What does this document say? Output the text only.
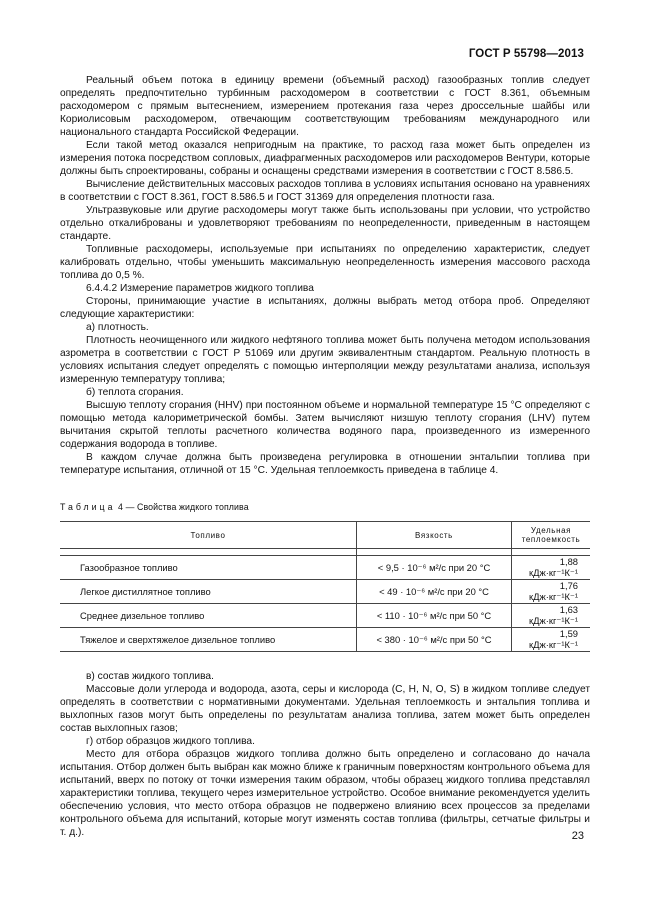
ГОСТ Р 55798—2013

Реальный объем потока в единицу времени (объемный расход) газообразных топлив следует определять предпочтительно турбинным расходомером в соответствии с ГОСТ 8.361, объемным расходомером с прямым вытеснением, измерением протекания газа через дроссельные шайбы или Кориолисовым расходомером, отвечающим соответствующим требованиям международного или национального стандарта Российской Федерации.

Если такой метод оказался непригодным на практике, то расход газа может быть определен из измерения потока посредством сопловых, диафрагменных расходомеров или расходомеров Вентури, которые должны быть спроектированы, собраны и оснащены средствами измерения в соответствии с ГОСТ 8.586.5.

Вычисление действительных массовых расходов топлива в условиях испытания основано на уравнениях в соответствии с ГОСТ 8.361, ГОСТ 8.586.5 и ГОСТ 31369 для определения плотности газа.

Ультразвуковые или другие расходомеры могут также быть использованы при условии, что устройство отдельно откалиброваны и удовлетворяют требованиям по неопределенности, приведенным в настоящем стандарте.

Топливные расходомеры, используемые при испытаниях по определению характеристик, следует калибровать отдельно, чтобы уменьшить максимальную неопределенность измерения массового расхода топлива до 0,5 %.

6.4.4.2 Измерение параметров жидкого топлива

Стороны, принимающие участие в испытаниях, должны выбрать метод отбора проб. Определяют следующие характеристики:

а) плотность.

Плотность неочищенного или жидкого нефтяного топлива может быть получена методом использования азрометра в соответствии с ГОСТ Р 51069 или другим эквивалентным стандартом. Реальную плотность в условиях испытания следует определять с помощью интерполяции между результатами анализа, используя измеренную температуру топлива;

б) теплота сгорания.

Высшую теплоту сгорания (HHV) при постоянном объеме и нормальной температуре 15 °С определяют с помощью метода калориметрической бомбы. Затем вычисляют низшую теплоту сгорания (LHV) путем вычитания скрытой теплоты расчетного количества водяного пара, произведенного из измеренного содержания водорода в топливе.

В каждом случае должна быть произведена регулировка в отношении энтальпии топлива при температуре испытания, отличной от 15 °С. Удельная теплоемкость приведена в таблице 4.

Таблица 4 — Свойства жидкого топлива
Топливо	Вязкость	Удельная теплоемкость

Газообразное топливо	< 9,5 · 10⁻⁶ м²/с при 20 °С	1,88 кДж·кг⁻¹К⁻¹
Легкое дистиллятное топливо	< 49 · 10⁻⁶ м²/с при 20 °С	1,76 кДж·кг⁻¹К⁻¹
Среднее дизельное топливо	< 110 · 10⁻⁶ м²/с при 50 °С	1,63 кДж·кг⁻¹К⁻¹
Тяжелое и сверхтяжелое дизельное топливо	< 380 · 10⁻⁶ м²/с при 50 °С	1,59 кДж·кг⁻¹К⁻¹

в) состав жидкого топлива.

Массовые доли углерода и водорода, азота, серы и кислорода (C, H, N, O, S) в жидком топливе следует определять в соответствии с нормативными документами. Удельная теплоемкость и энтальпия топлива и выхлопных газов могут быть определены по результатам анализа топлива, затем может быть определен состав выхлопных газов;

г) отбор образцов жидкого топлива.

Место для отбора образцов жидкого топлива должно быть определено и согласовано до начала испытания. Отбор должен быть выбран как можно ближе к граничным поверхностям контрольного объема для испытаний, вверх по потоку от точки измерения таким образом, чтобы образец жидкого топлива представлял характеристики топлива, текущего через измерительное устройство. Особое внимание рекомендуется уделить обеспечению условия, что место отбора образцов не подвержено влиянию всех процессов за пределами контрольного объема для испытаний, которые могут изменять состав топлива (фильтры, сетчатые фильтры и т. д.).	23
